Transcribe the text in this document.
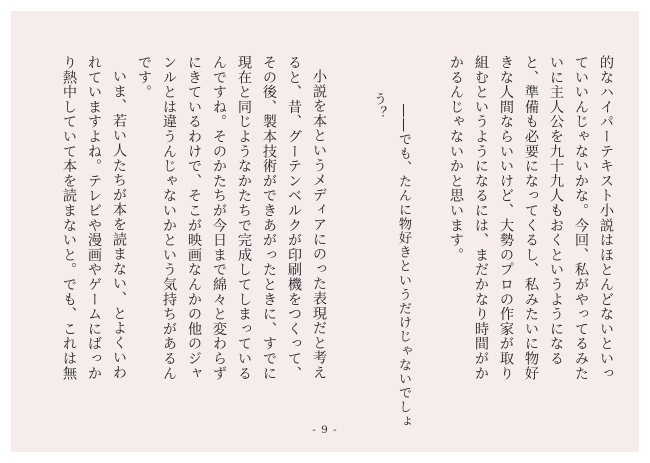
的なハイパーテキスト小説はほとんどないといっ
ていいんじゃないかな。今回、私がやってるみた
いに主人公を九十九人もおくというようになる
と、準備も必要になってくるし、私みたいに物好
きな人間ならいいけど、大勢のプロの作家が取り
組むというようになるには、まだかなり時間がか
かるんじゃないかと思います。
――でも、たんに物好きというだけじゃないでしょ
う？
小説を本というメディアにのった表現だと考え
ると、昔、グーテンベルクが印刷機をつくって、
その後、製本技術ができあがったときに、すでに
現在と同じようなかたちで完成してしまっている
んですね。そのかたちが今日まで綿々と変わらず
にきているわけで、そこが映画なんかの他のジャ
ンルとは違うんじゃないかという気持ちがあるん
です。
いま、若い人たちが本を読まない、とよくいわ
れていますよね。テレビや漫画やゲームにばっか
り熱中していて本を読まないと。でも、これは無
- 9 -
